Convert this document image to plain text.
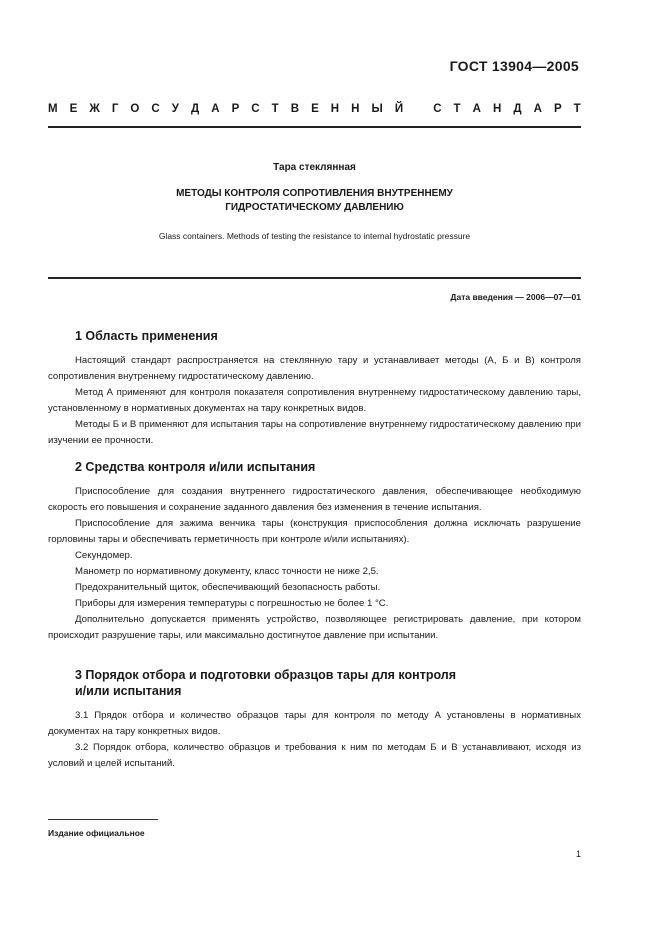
ГОСТ 13904—2005
М Е Ж Г О С У Д А Р С Т В Е Н Н Ы Й	С Т А Н Д А Р Т
Тара стеклянная
МЕТОДЫ КОНТРОЛЯ СОПРОТИВЛЕНИЯ ВНУТРЕННЕМУ
ГИДРОСТАТИЧЕСКОМУ ДАВЛЕНИЮ
Glass containers. Methods of testing the resistance to internal hydrostatic pressure
Дата введения — 2006—07—01
1 Область применения

Настоящий стандарт распространяется на стеклянную тару и устанавливает методы (А, Б и В) контроля сопротивления внутреннему гидростатическому давлению.

Метод А применяют для контроля показателя сопротивления внутреннему гидростатическому давлению тары, установленному в нормативных документах на тару конкретных видов.

Методы Б и В применяют для испытания тары на сопротивление внутреннему гидростатическому давлению при изучении ее прочности.

2 Средства контроля и/или испытания

Приспособление для создания внутреннего гидростатического давления, обеспечивающее необходимую скорость его повышения и сохранение заданного давления без изменения в течение испытания.

Приспособление для зажима венчика тары (конструкция приспособления должна исключать разрушение горловины тары и обеспечивать герметичность при контроле и/или испытаниях).

Секундомер.

Манометр по нормативному документу, класс точности не ниже 2,5.

Предохранительный щиток, обеспечивающий безопасность работы.

Приборы для измерения температуры с погрешностью не более 1 °С.

Дополнительно допускается применять устройство, позволяющее регистрировать давление, при котором происходит разрушение тары, или максимально достигнутое давление при испытании.

3 Порядок отбора и подготовки образцов тары для контроля
и/или испытания

3.1 Прядок отбора и количество образцов тары для контроля по методу А установлены в нормативных документах на тару конкретных видов.

3.2 Порядок отбора, количество образцов и требования к ним по методам Б и В устанавливают, исходя из условий и целей испытаний.

Издание официальное
1
